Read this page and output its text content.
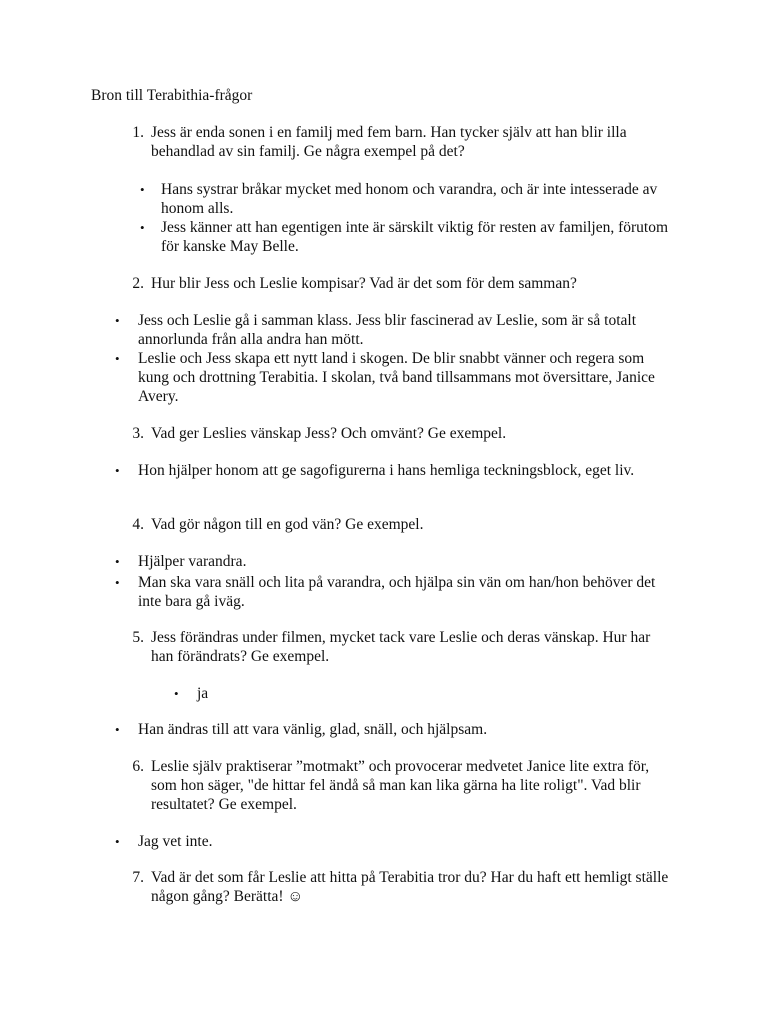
Bron till Terabithia-frågor
1. Jess är enda sonen i en familj med fem barn. Han tycker själv att han blir illa behandlad av sin familj. Ge några exempel på det?
• Hans systrar bråkar mycket med honom och varandra, och är inte intesserade av honom alls.
• Jess känner att han egentigen inte är särskilt viktig för resten av familjen, förutom för kanske May Belle.
2. Hur blir Jess och Leslie kompisar? Vad är det som för dem samman?
• Jess och Leslie gå i samman klass. Jess blir fascinerad av Leslie, som är så totalt annorlunda från alla andra han mött.
• Leslie och Jess skapa ett nytt land i skogen. De blir snabbt vänner och regera som kung och drottning Terabitia. I skolan, två band tillsammans mot översittare, Janice Avery.
3. Vad ger Leslies vänskap Jess? Och omvänt? Ge exempel.
• Hon hjälper honom att ge sagofigurerna i hans hemliga teckningsblock, eget liv.
4. Vad gör någon till en god vän? Ge exempel.
• Hjälper varandra.
• Man ska vara snäll och lita på varandra, och hjälpa sin vän om han/hon behöver det inte bara gå iväg.
5. Jess förändras under filmen, mycket tack vare Leslie och deras vänskap. Hur har han förändrats? Ge exempel.
• ja
• Han ändras till att vara vänlig, glad, snäll, och hjälpsam.
6. Leslie själv praktiserar ”motmakt” och provocerar medvetet Janice lite extra för, som hon säger, "de hittar fel ändå så man kan lika gärna ha lite roligt". Vad blir resultatet? Ge exempel.
• Jag vet inte.
7. Vad är det som får Leslie att hitta på Terabitia tror du? Har du haft ett hemligt ställe någon gång? Berätta! ☺
